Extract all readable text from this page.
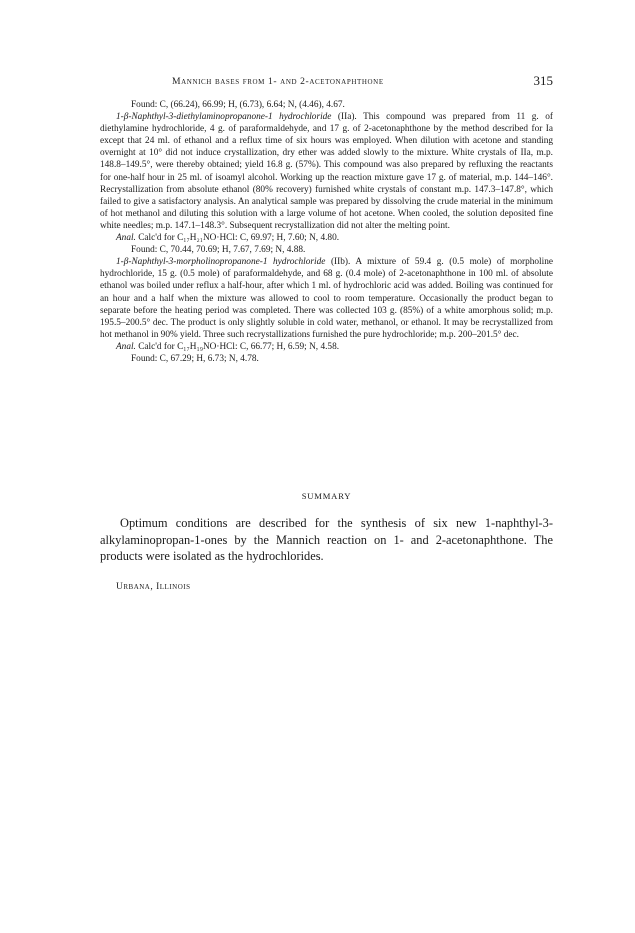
Mannich bases from 1- and 2-acetonaphthone	315

Found: C, (66.24), 66.99; H, (6.73), 6.64; N, (4.46), 4.67.

1-β-Naphthyl-3-diethylaminopropanone-1 hydrochloride (IIa). This compound was prepared from 11 g. of diethylamine hydrochloride, 4 g. of paraformaldehyde, and 17 g. of 2-acetonaphthone by the method described for Ia except that 24 ml. of ethanol and a reflux time of six hours was employed. When dilution with acetone and standing overnight at 10° did not induce crystallization, dry ether was added slowly to the mixture. White crystals of IIa, m.p. 148.8–149.5°, were thereby obtained; yield 16.8 g. (57%). This compound was also prepared by refluxing the reactants for one-half hour in 25 ml. of isoamyl alcohol. Working up the reaction mixture gave 17 g. of material, m.p. 144–146°. Recrystallization from absolute ethanol (80% recovery) furnished white crystals of constant m.p. 147.3–147.8°, which failed to give a satisfactory analysis. An analytical sample was prepared by dissolving the crude material in the minimum of hot methanol and diluting this solution with a large volume of hot acetone. When cooled, the solution deposited fine white needles; m.p. 147.1–148.3°. Subsequent recrystallization did not alter the melting point.

Anal. Calc'd for C₁₇H₂₁NO·HCl: C, 69.97; H, 7.60; N, 4.80.

Found: C, 70.44, 70.69; H, 7.67, 7.69; N, 4.88.

1-β-Naphthyl-3-morpholinopropanone-1 hydrochloride (IIb). A mixture of 59.4 g. (0.5 mole) of morpholine hydrochloride, 15 g. (0.5 mole) of paraformaldehyde, and 68 g. (0.4 mole) of 2-acetonaphthone in 100 ml. of absolute ethanol was boiled under reflux a half-hour, after which 1 ml. of hydrochloric acid was added. Boiling was continued for an hour and a half when the mixture was allowed to cool to room temperature. Occasionally the product began to separate before the heating period was completed. There was collected 103 g. (85%) of a white amorphous solid; m.p. 195.5–200.5° dec. The product is only slightly soluble in cold water, methanol, or ethanol. It may be recrystallized from hot methanol in 90% yield. Three such recrystallizations furnished the pure hydrochloride; m.p. 200–201.5° dec.

Anal. Calc'd for C₁₇H₁₉NO·HCl: C, 66.77; H, 6.59; N, 4.58.

Found: C, 67.29; H, 6.73; N, 4.78.

SUMMARY

Optimum conditions are described for the synthesis of six new 1-naphthyl-3-alkylaminopropan-1-ones by the Mannich reaction on 1- and 2-acetonaphthone. The products were isolated as the hydrochlorides.

Urbana, Illinois
